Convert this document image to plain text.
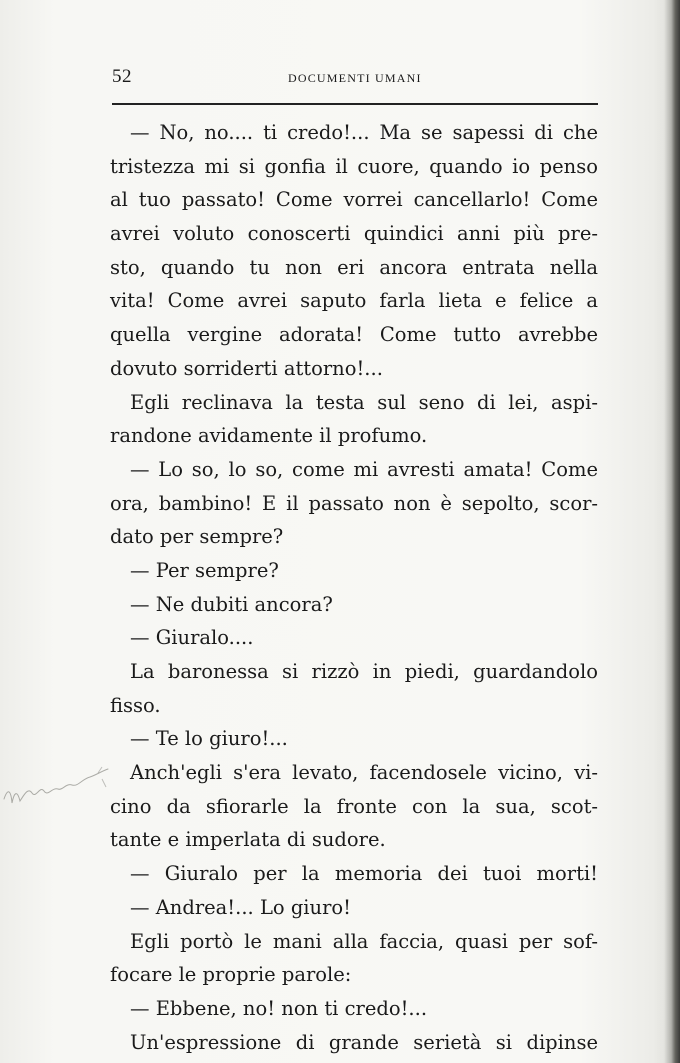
52	DOCUMENTI UMANI
— No, no.... ti credo!... Ma se sapessi di che
tristezza mi si gonfia il cuore, quando io penso
al tuo passato! Come vorrei cancellarlo! Come
avrei voluto conoscerti quindici anni più pre-
sto, quando tu non eri ancora entrata nella
vita! Come avrei saputo farla lieta e felice a
quella vergine adorata! Come tutto avrebbe
dovuto sorriderti attorno!...
Egli reclinava la testa sul seno di lei, aspi-
randone avidamente il profumo.
— Lo so, lo so, come mi avresti amata! Come
ora, bambino! E il passato non è sepolto, scor-
dato per sempre?
— Per sempre?
— Ne dubiti ancora?
— Giuralo....
La baronessa si rizzò in piedi, guardandolo
fisso.
— Te lo giuro!...
Anch'egli s'era levato, facendosele vicino, vi-
cino da sfiorarle la fronte con la sua, scot-
tante e imperlata di sudore.
— Giuralo per la memoria dei tuoi morti!
— Andrea!... Lo giuro!
Egli portò le mani alla faccia, quasi per sof-
focare le proprie parole:
— Ebbene, no! non ti credo!...
Un'espressione di grande serietà si dipinse
